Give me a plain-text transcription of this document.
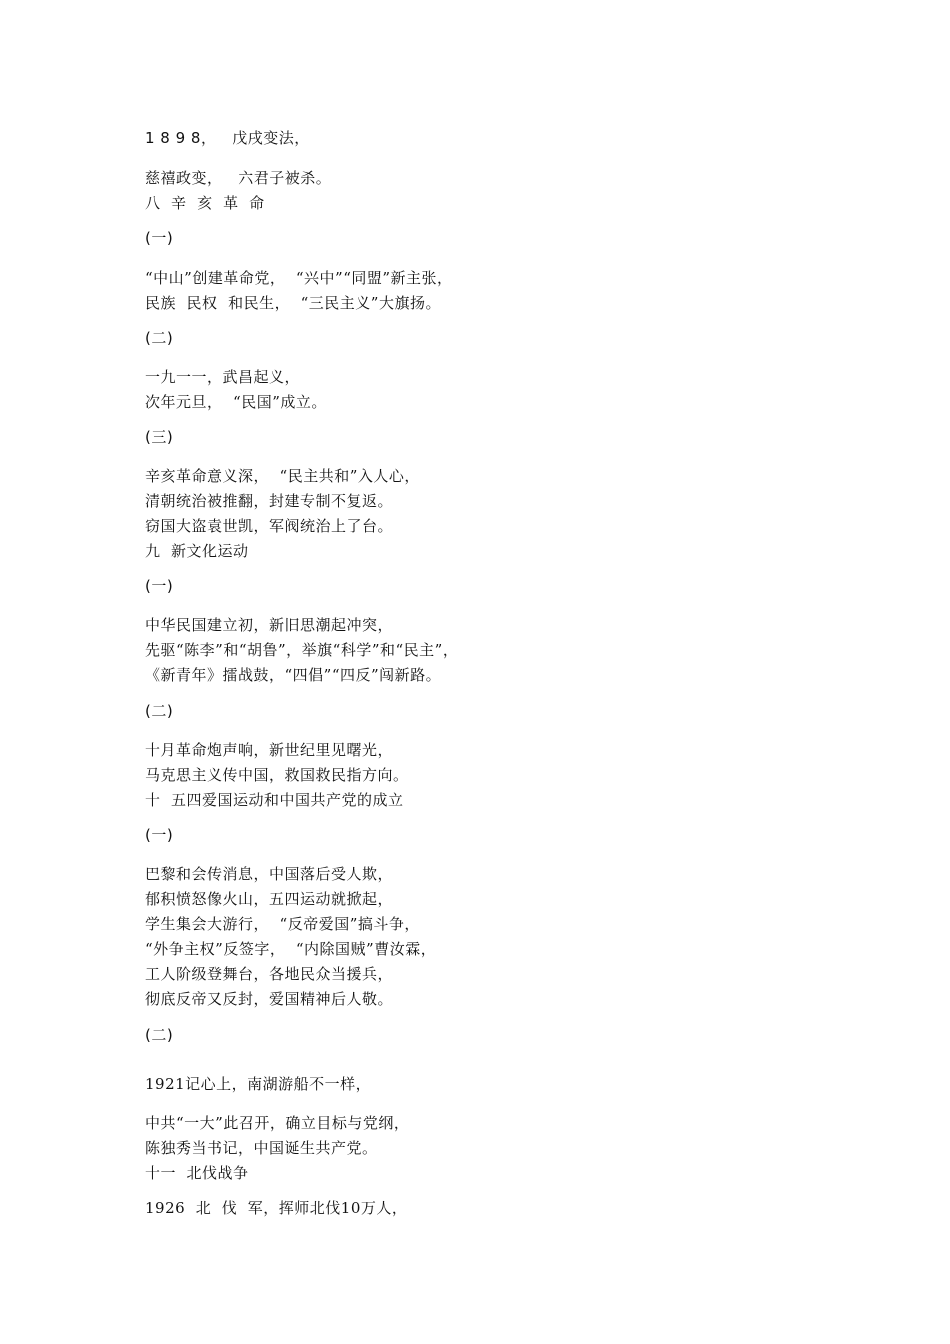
1 8 9 8，   戊戌变法，
慈禧政变，   六君子被杀。
八  辛  亥  革  命
(一)
“中山”创建革命党，  “兴中”“同盟”新主张，
民族  民权  和民生，  “三民主义”大旗扬。
(二)
一九一一，武昌起义，
次年元旦，  “民国”成立。
(三)
辛亥革命意义深，  “民主共和”入人心，
清朝统治被推翻，封建专制不复返。
窃国大盗袁世凯，军阀统治上了台。
九  新文化运动
(一)
中华民国建立初，新旧思潮起冲突，
先驱“陈李”和“胡鲁”，举旗“科学”和“民主”，
《新青年》擂战鼓，“四倡”“四反”闯新路。
(二)
十月革命炮声响，新世纪里见曙光，
马克思主义传中国，救国救民指方向。
十  五四爱国运动和中国共产党的成立
(一)
巴黎和会传消息，中国落后受人欺，
郁积愤怒像火山，五四运动就掀起，
学生集会大游行，  “反帝爱国”搞斗争，
“外争主权”反签字，  “内除国贼”曹汝霖，
工人阶级登舞台，各地民众当援兵，
彻底反帝又反封，爱国精神后人敬。
(二)
1921记心上，南湖游船不一样，
中共“一大”此召开，确立目标与党纲，
陈独秀当书记，中国诞生共产党。
十一  北伐战争
1926  北  伐  军，挥师北伐10万人，
